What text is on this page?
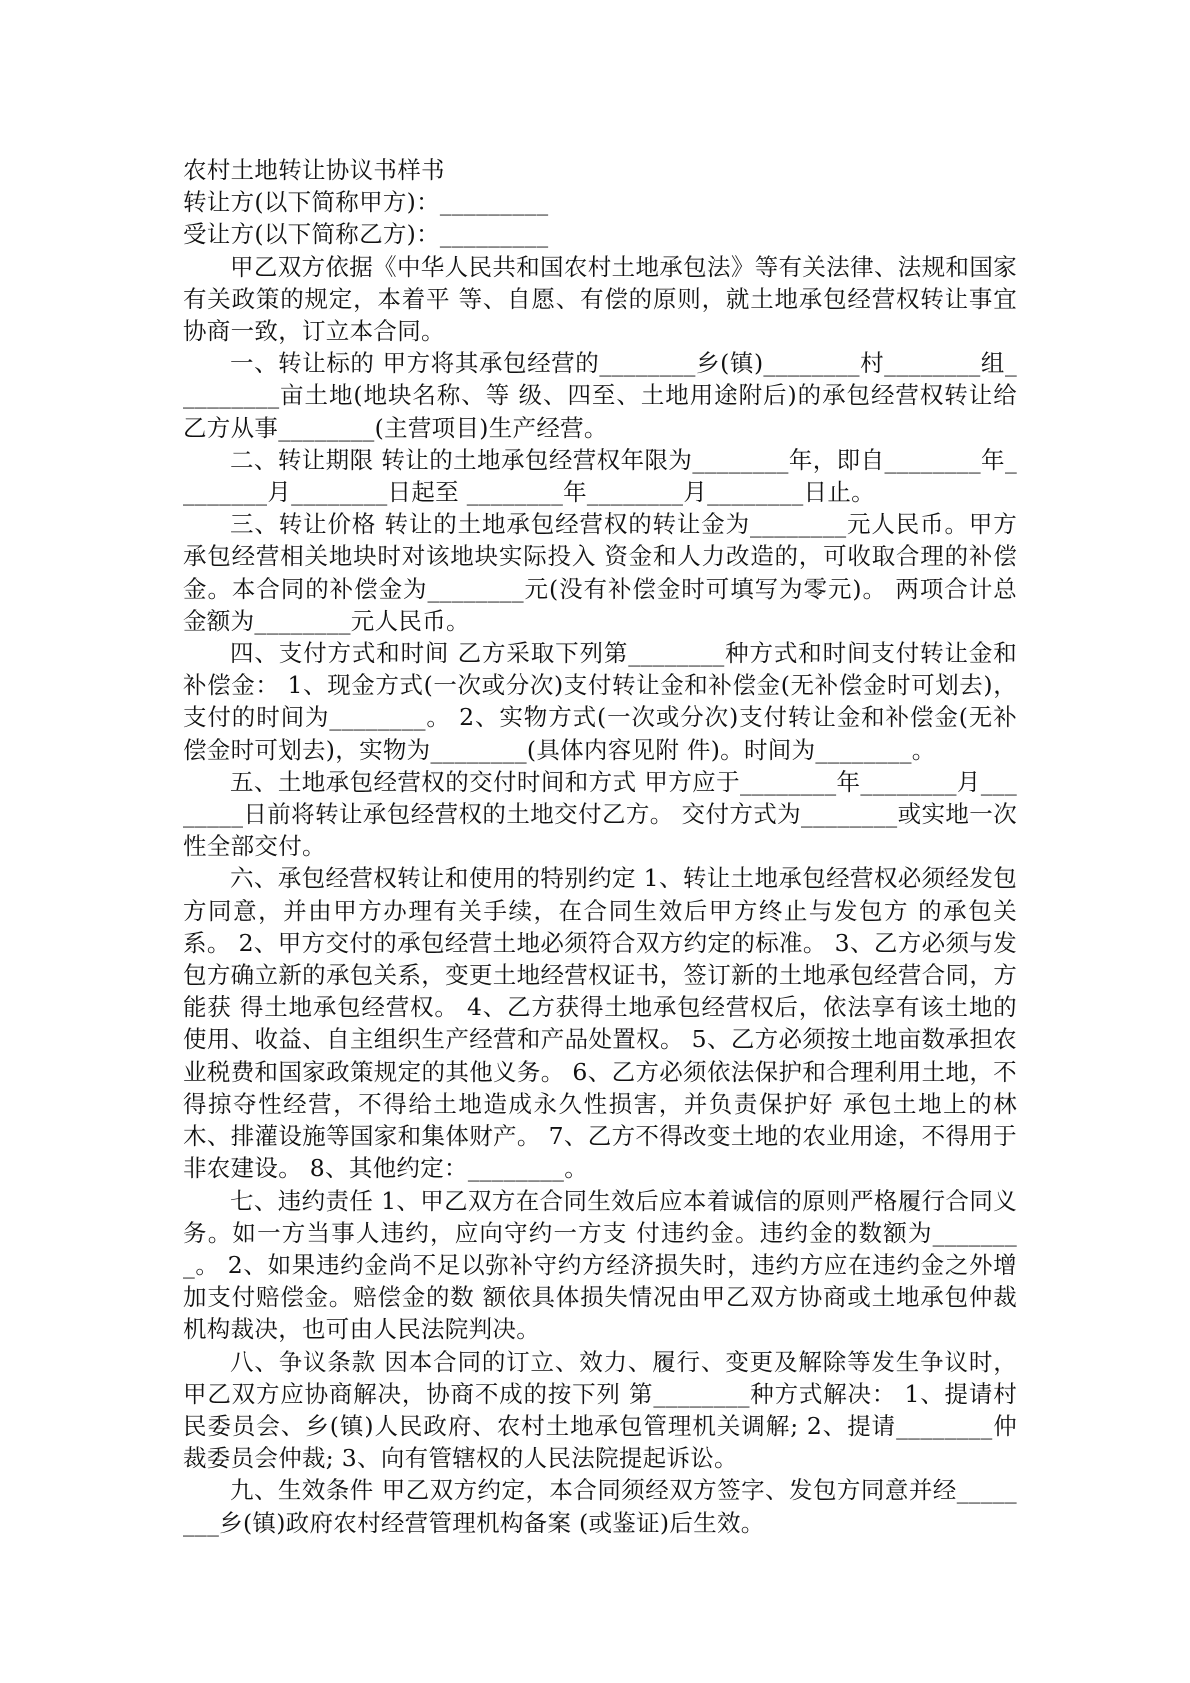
农村土地转让协议书样书

转让方(以下简称甲方)：_________

受让方(以下简称乙方)：_________

甲乙双方依据《中华人民共和国农村土地承包法》等有关法律、法规和国家有关政策的规定，本着平 等、自愿、有偿的原则，就土地承包经营权转让事宜协商一致，订立本合同。

一、转让标的 甲方将其承包经营的________乡(镇)________村________组_________亩土地(地块名称、等 级、四至、土地用途附后)的承包经营权转让给乙方从事________(主营项目)生产经营。

二、转让期限 转让的土地承包经营权年限为________年，即自________年________月________日起至 ________年________月________日止。

三、转让价格 转让的土地承包经营权的转让金为________元人民币。甲方承包经营相关地块时对该地块实际投入 资金和人力改造的，可收取合理的补偿金。本合同的补偿金为________元(没有补偿金时可填写为零元)。 两项合计总金额为________元人民币。

四、支付方式和时间 乙方采取下列第________种方式和时间支付转让金和补偿金： 1、现金方式(一次或分次)支付转让金和补偿金(无补偿金时可划去)，支付的时间为________。 2、实物方式(一次或分次)支付转让金和补偿金(无补偿金时可划去)，实物为________(具体内容见附 件)。时间为________。

五、土地承包经营权的交付时间和方式 甲方应于________年________月________日前将转让承包经营权的土地交付乙方。 交付方式为________或实地一次性全部交付。

六、承包经营权转让和使用的特别约定 1、转让土地承包经营权必须经发包方同意，并由甲方办理有关手续，在合同生效后甲方终止与发包方 的承包关系。 2、甲方交付的承包经营土地必须符合双方约定的标准。 3、乙方必须与发包方确立新的承包关系，变更土地经营权证书，签订新的土地承包经营合同，方能获 得土地承包经营权。 4、乙方获得土地承包经营权后，依法享有该土地的使用、收益、自主组织生产经营和产品处置权。 5、乙方必须按土地亩数承担农业税费和国家政策规定的其他义务。 6、乙方必须依法保护和合理利用土地，不得掠夺性经营，不得给土地造成永久性损害，并负责保护好 承包土地上的林木、排灌设施等国家和集体财产。 7、乙方不得改变土地的农业用途，不得用于非农建设。 8、其他约定：________。

七、违约责任 1、甲乙双方在合同生效后应本着诚信的原则严格履行合同义务。如一方当事人违约，应向守约一方支 付违约金。违约金的数额为________。 2、如果违约金尚不足以弥补守约方经济损失时，违约方应在违约金之外增加支付赔偿金。赔偿金的数 额依具体损失情况由甲乙双方协商或土地承包仲裁机构裁决，也可由人民法院判决。

八、争议条款 因本合同的订立、效力、履行、变更及解除等发生争议时，甲乙双方应协商解决，协商不成的按下列 第________种方式解决： 1、提请村民委员会、乡(镇)人民政府、农村土地承包管理机关调解; 2、提请________仲裁委员会仲裁; 3、向有管辖权的人民法院提起诉讼。

九、生效条件 甲乙双方约定，本合同须经双方签字、发包方同意并经________乡(镇)政府农村经营管理机构备案 (或鉴证)后生效。
